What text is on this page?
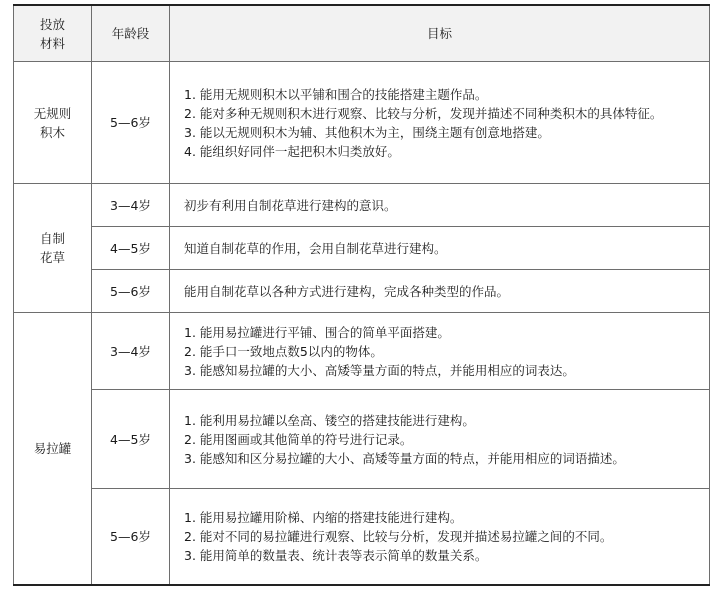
投放材料	年龄段	目标
无规则积木	5—6岁	1. 能用无规则积木以平铺和围合的技能搭建主题作品。
2. 能对多种无规则积木进行观察、比较与分析，发现并描述不同种类积木的具体特征。
3. 能以无规则积木为辅、其他积木为主，围绕主题有创意地搭建。
4. 能组织好同伴一起把积木归类放好。

自制花草	3—4岁	初步有利用自制花草进行建构的意识。

	4—5岁	知道自制花草的作用，会用自制花草进行建构。

	5—6岁	能用自制花草以各种方式进行建构，完成各种类型的作品。

易拉罐	3—4岁	1. 能用易拉罐进行平铺、围合的简单平面搭建。
2. 能手口一致地点数5以内的物体。
3. 能感知易拉罐的大小、高矮等量方面的特点，并能用相应的词表达。

	4—5岁	1. 能利用易拉罐以垒高、镂空的搭建技能进行建构。
2. 能用图画或其他简单的符号进行记录。
3. 能感知和区分易拉罐的大小、高矮等量方面的特点，并能用相应的词语描述。

	5—6岁	1. 能用易拉罐用阶梯、内缩的搭建技能进行建构。
2. 能对不同的易拉罐进行观察、比较与分析，发现并描述易拉罐之间的不同。
3. 能用简单的数量表、统计表等表示简单的数量关系。
